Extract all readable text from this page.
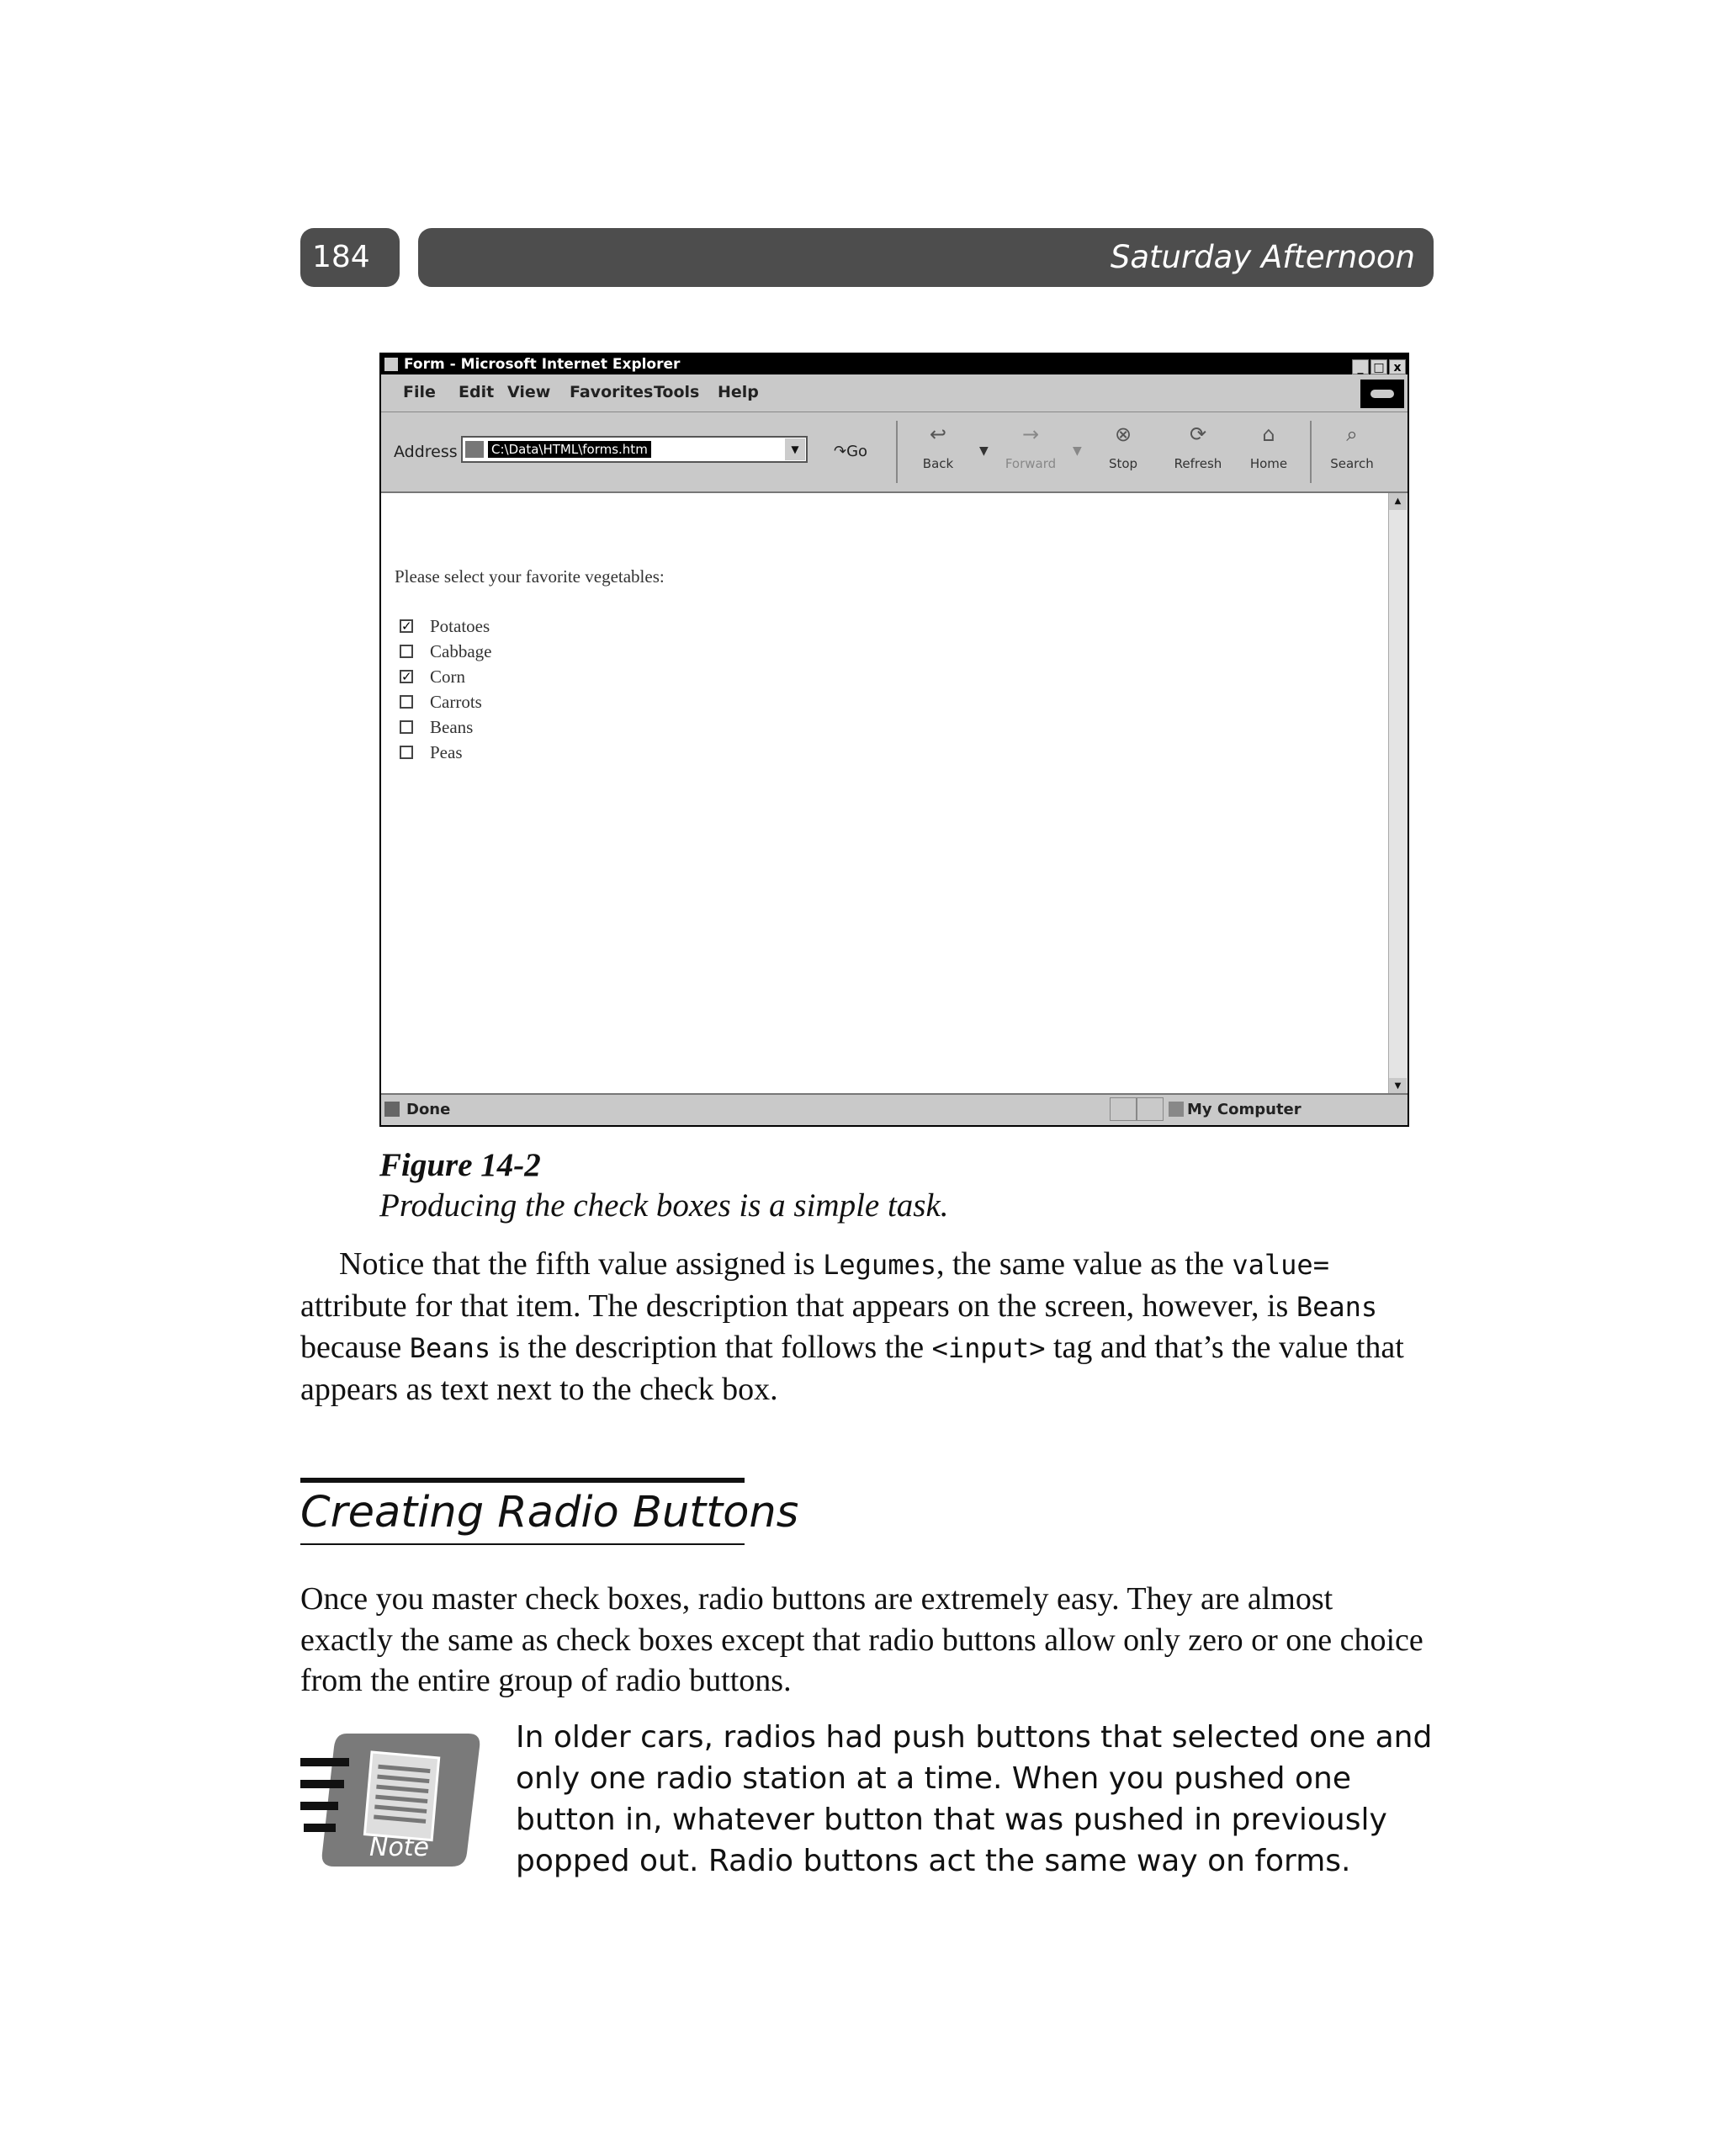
184	Saturday Afternoon
Form - Microsoft Internet Explorer	_ □ x
File Edit View Favorites Tools Help
Address	C:\Data\HTML\forms.htm	▼	↷Go
↩
Back
▼
→
Forward
▼
⊗
Stop
⟳
Refresh
⌂
Home
⌕
Search
Please select your favorite vegetables:
✓ Potatoes
Cabbage
✓ Corn
Carrots
Beans
Peas
▲
▼
Done	My Computer
Figure 14-2
Producing the check boxes is a simple task.
Notice that the fifth value assigned is Legumes, the same value as the value= attribute for that item. The description that appears on the screen, however, is Beans because Beans is the description that follows the <input> tag and that’s the value that appears as text next to the check box.
Creating Radio Buttons
Once you master check boxes, radio buttons are extremely easy. They are almost exactly the same as check boxes except that radio buttons allow only zero or one choice from the entire group of radio buttons.
Note
In older cars, radios had push buttons that selected one and only one radio station at a time. When you pushed one button in, whatever button that was pushed in previously popped out. Radio buttons act the same way on forms.
